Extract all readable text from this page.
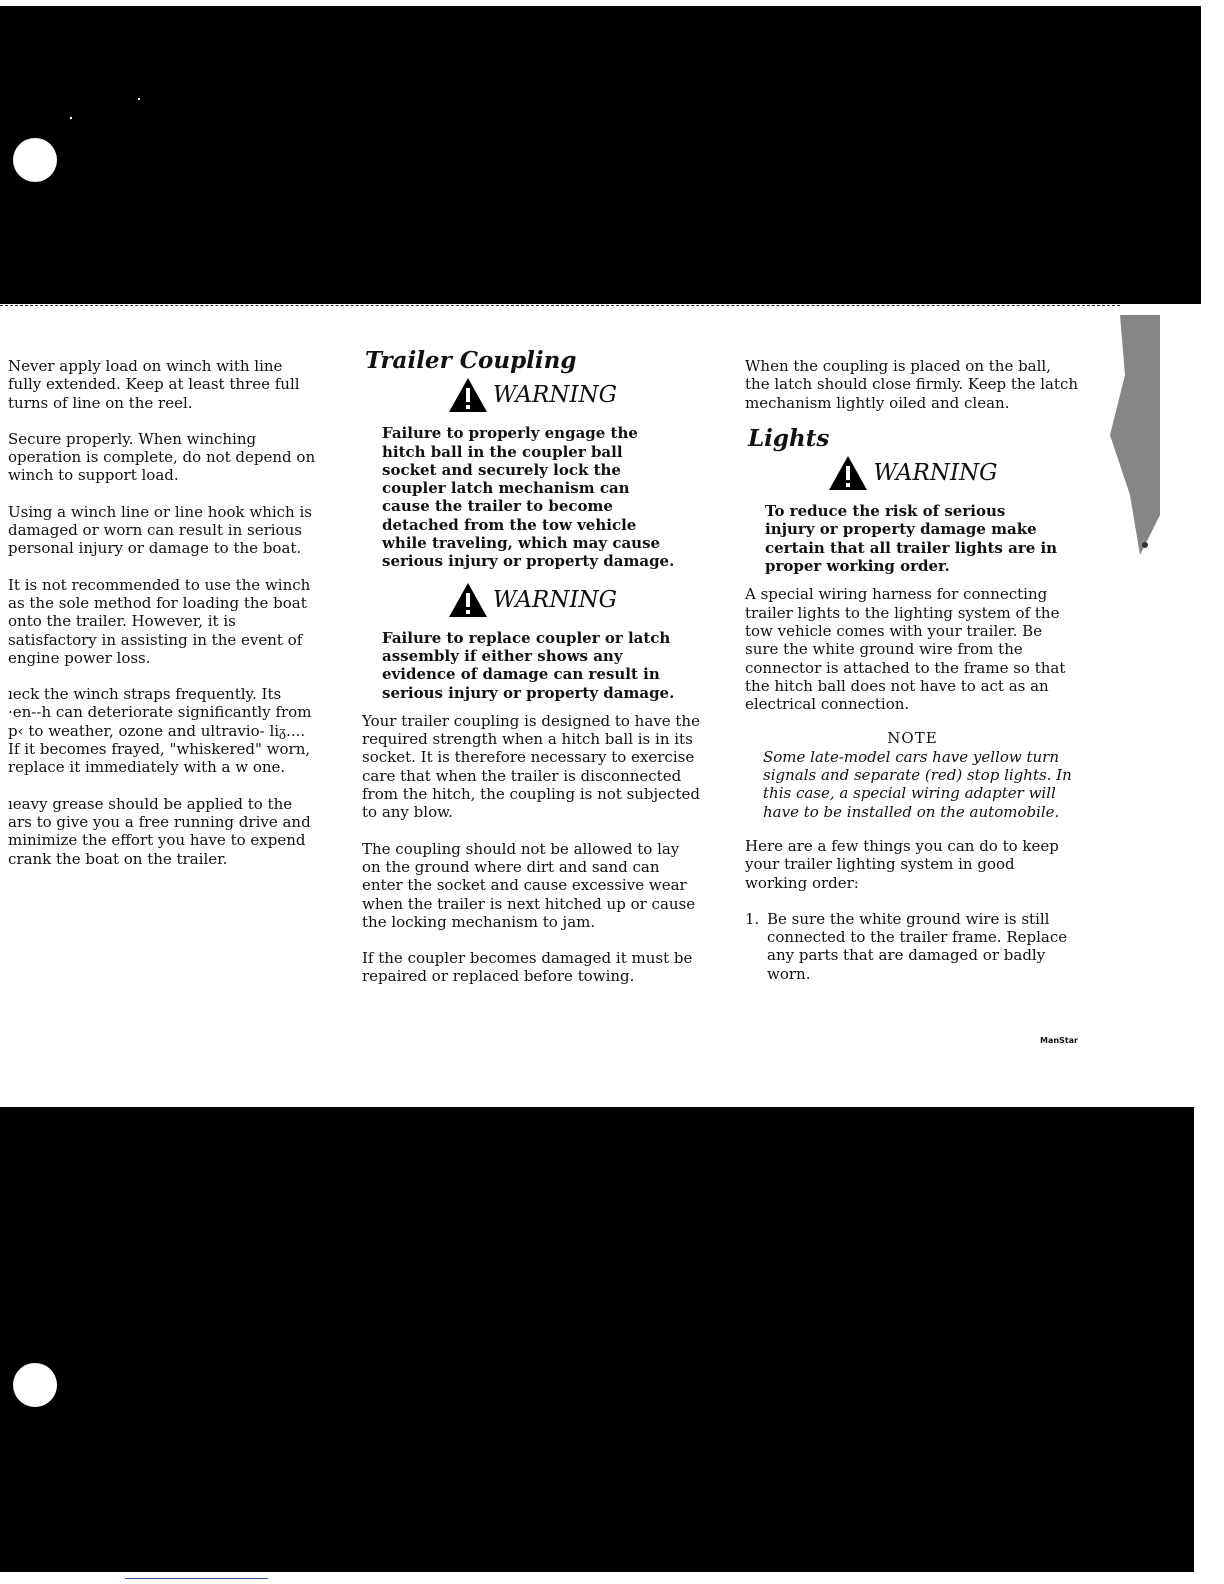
Never apply load on winch with line fully extended. Keep at least three full turns of line on the reel.

Secure properly. When winching operation is complete, do not depend on winch to support load.

Using a winch line or line hook which is damaged or worn can result in serious personal injury or damage to the boat.

It is not recommended to use the winch as the sole method for loading the boat onto the trailer. However, it is satisfactory in assisting in the event of engine power loss.

ıeck the winch straps frequently. Its ·en‑‑h can deteriorate significantly from p‹ to weather, ozone and ultravio‑ liᵹ.... If it becomes frayed, "whiskered" worn, replace it immediately with a w one.

ıeavy grease should be applied to the ars to give you a free running drive and minimize the effort you have to expend crank the boat on the trailer.

Trailer Coupling
WARNING

Failure to properly engage the hitch ball in the coupler ball socket and securely lock the coupler latch mechanism can cause the trailer to become detached from the tow vehicle while traveling, which may cause serious injury or property damage.

WARNING

Failure to replace coupler or latch assembly if either shows any evidence of damage can result in serious injury or property damage.

Your trailer coupling is designed to have the required strength when a hitch ball is in its socket. It is therefore necessary to exercise care that when the trailer is disconnected from the hitch, the coupling is not subjected to any blow.

The coupling should not be allowed to lay on the ground where dirt and sand can enter the socket and cause excessive wear when the trailer is next hitched up or cause the locking mechanism to jam.

If the coupler becomes damaged it must be repaired or replaced before towing.

When the coupling is placed on the ball, the latch should close firmly. Keep the latch mechanism lightly oiled and clean.

Lights
WARNING

To reduce the risk of serious injury or property damage make certain that all trailer lights are in proper working order.

A special wiring harness for connecting trailer lights to the lighting system of the tow vehicle comes with your trailer. Be sure the white ground wire from the connector is attached to the frame so that the hitch ball does not have to act as an electrical connection.

NOTE

Some late-model cars have yellow turn signals and separate (red) stop lights. In this case, a special wiring adapter will have to be installed on the automobile.

Here are a few things you can do to keep your trailer lighting system in good working order:

1. Be sure the white ground wire is still connected to the trailer frame. Replace any parts that are damaged or badly worn.
ManStar
